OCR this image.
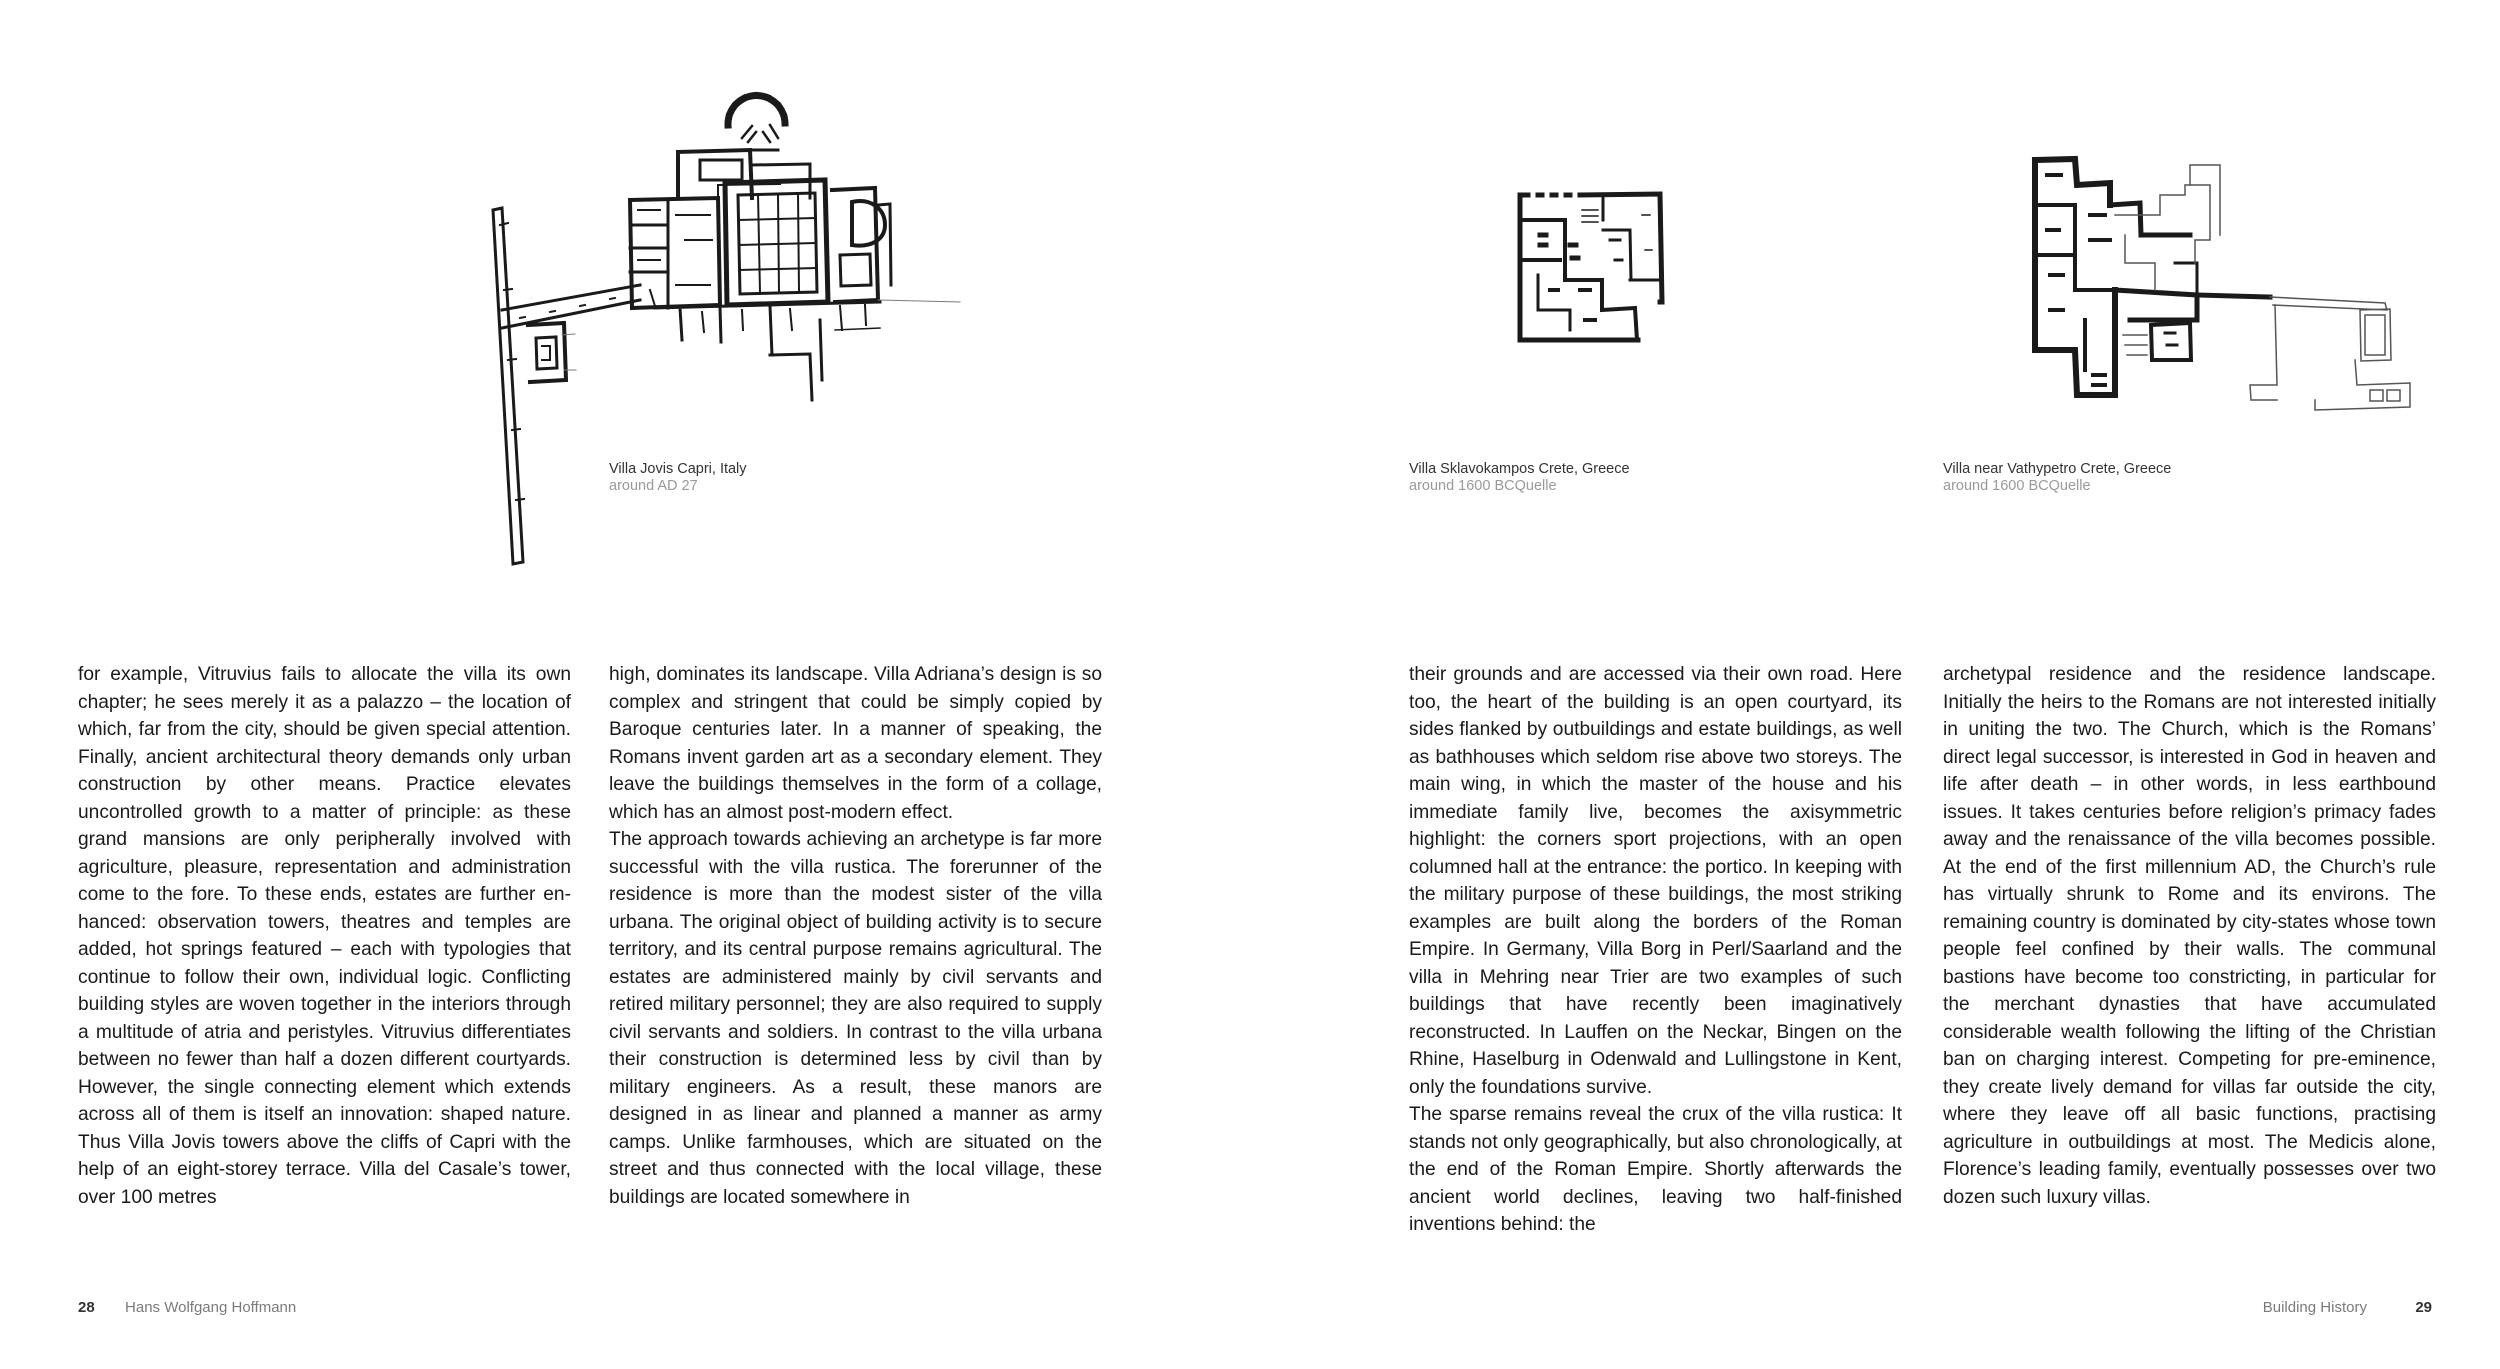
Villa Jovis Capri, Italy
around AD 27
Villa Sklavokampos Crete, Greece
around 1600 BCQuelle
Villa near Vathypetro Crete, Greece
around 1600 BCQuelle

for example, Vitruvius fails to allocate the villa its own chapter; he sees merely it as a palazzo – the location of which, far from the city, should be given special attention. Finally, ancient architectural theory demands only urban construction by other means. Practice elevates uncontrolled growth to a matter of principle: as these grand mansions are only peripherally involved with agriculture, pleasure, representation and administration come to the fore. To these ends, estates are further enhanced: observation towers, theatres and temples are added, hot springs featured – each with typologies that continue to follow their own, individual logic. Conflicting building styles are woven together in the interiors through a multitude of atria and peristyles. Vitruvius differentiates between no fewer than half a dozen different courtyards. However, the single connecting element which extends across all of them is itself an innovation: shaped nature. Thus Villa Jovis towers above the cliffs of Capri with the help of an eight-storey terrace. Villa del Casale’s tower, over 100 metres

high, dominates its landscape. Villa Adriana’s design is so complex and stringent that could be simply copied by Baroque centuries later. In a manner of speaking, the Romans invent garden art as a secondary element. They leave the buildings themselves in the form of a collage, which has an almost post-modern effect.

The approach towards achieving an archetype is far more successful with the villa rustica. The forerunner of the residence is more than the modest sister of the villa urbana. The original object of building activity is to secure territory, and its central purpose remains agricultural. The estates are administered mainly by civil servants and retired military personnel; they are also required to supply civil servants and soldiers. In contrast to the villa urbana their construction is determined less by civil than by military engineers. As a result, these manors are designed in as linear and planned a manner as army camps. Unlike farmhouses, which are situated on the street and thus connected with the local village, these buildings are located somewhere in

their grounds and are accessed via their own road. Here too, the heart of the building is an open courtyard, its sides flanked by outbuildings and estate buildings, as well as bathhouses which seldom rise above two storeys. The main wing, in which the master of the house and his immediate family live, becomes the axisymmetric highlight: the corners sport projections, with an open columned hall at the entrance: the portico. In keeping with the military purpose of these buildings, the most striking examples are built along the borders of the Roman Empire. In Germany, Villa Borg in Perl/Saarland and the villa in Mehring near Trier are two examples of such buildings that have recently been imaginatively reconstructed. In Lauffen on the Neckar, Bingen on the Rhine, Haselburg in Odenwald and Lullingstone in Kent, only the foundations survive.

The sparse remains reveal the crux of the villa rustica: It stands not only geographically, but also chronologically, at the end of the Roman Empire. Shortly afterwards the ancient world declines, leaving two half-finished inventions behind: the

archetypal residence and the residence landscape. Initially the heirs to the Romans are not interested initially in uniting the two. The Church, which is the Romans’ direct legal successor, is interested in God in heaven and life after death – in other words, in less earthbound issues. It takes centuries before religion’s primacy fades away and the renaissance of the villa becomes possible. At the end of the first millennium AD, the Church’s rule has virtually shrunk to Rome and its environs. The remaining country is dominated by city-states whose town people feel confined by their walls. The communal bastions have become too constricting, in particular for the merchant dynasties that have accumulated considerable wealth following the lifting of the Christian ban on charging interest. Competing for pre-eminence, they create lively demand for villas far outside the city, where they leave off all basic functions, practising agriculture in outbuildings at most. The Medicis alone, Florence’s leading family, eventually possesses over two dozen such luxury villas.

28 Hans Wolfgang Hoffmann	Building History	29
